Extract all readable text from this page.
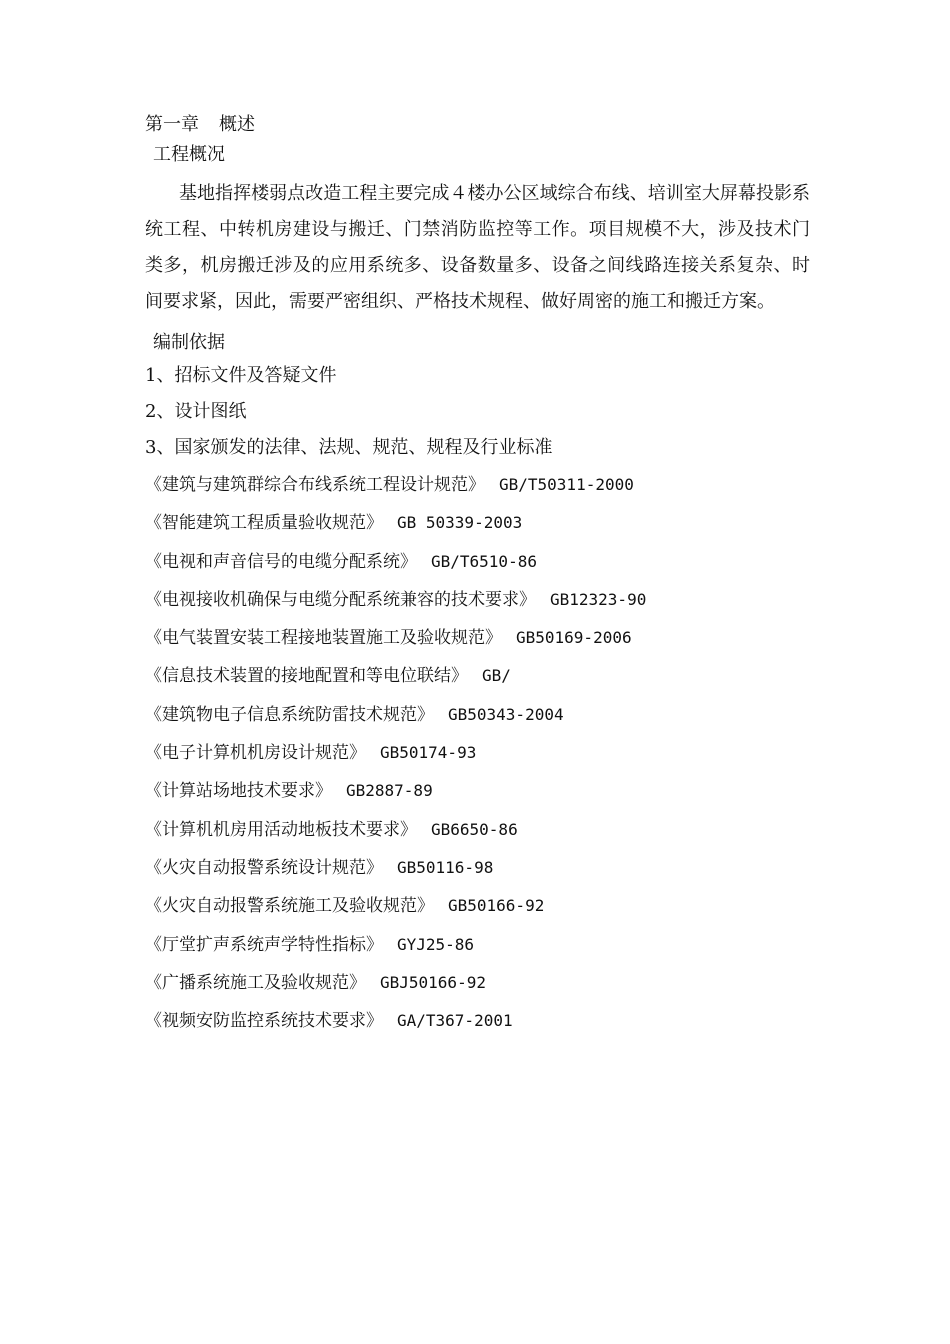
第一章 概述
工程概况

基地指挥楼弱点改造工程主要完成４楼办公区域综合布线、培训室大屏幕投影系统工程、中转机房建设与搬迁、门禁消防监控等工作。项目规模不大，涉及技术门类多，机房搬迁涉及的应用系统多、设备数量多、设备之间线路连接关系复杂、时间要求紧，因此，需要严密组织、严格技术规程、做好周密的施工和搬迁方案。

编制依据
1、招标文件及答疑文件
2、设计图纸
3、国家颁发的法律、法规、规范、规程及行业标准
《建筑与建筑群综合布线系统工程设计规范》 GB/T50311-2000
《智能建筑工程质量验收规范》 GB 50339-2003
《电视和声音信号的电缆分配系统》 GB/T6510-86
《电视接收机确保与电缆分配系统兼容的技术要求》 GB12323-90
《电气装置安装工程接地装置施工及验收规范》 GB50169-2006
《信息技术装置的接地配置和等电位联结》 GB/
《建筑物电子信息系统防雷技术规范》 GB50343-2004
《电子计算机机房设计规范》 GB50174-93
《计算站场地技术要求》 GB2887-89
《计算机机房用活动地板技术要求》 GB6650-86
《火灾自动报警系统设计规范》 GB50116-98
《火灾自动报警系统施工及验收规范》 GB50166-92
《厅堂扩声系统声学特性指标》 GYJ25-86
《广播系统施工及验收规范》 GBJ50166-92
《视频安防监控系统技术要求》 GA/T367-2001
